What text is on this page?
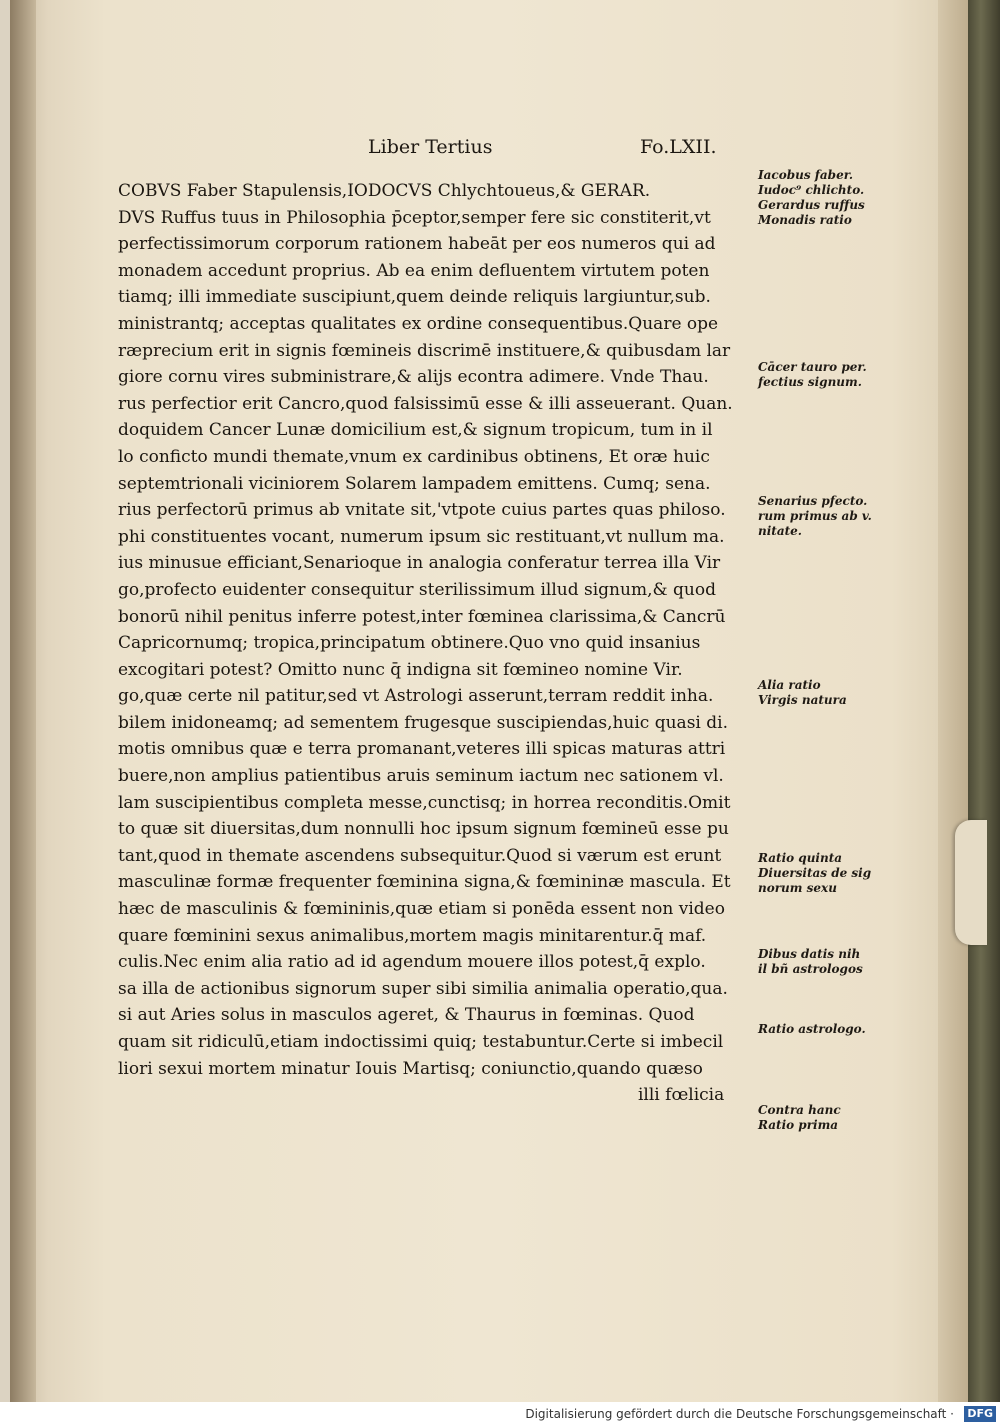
Liber Tertius	Fo.LXII.
COBVS Faber Stapulensis,IODOCVS Chlychtoueus,& GERAR.
DVS Ruffus tuus in Philosophia p̄ceptor,semper fere sic constiterit,vt
perfectissimorum corporum rationem habeāt per eos numeros qui ad
monadem accedunt proprius. Ab ea enim defluentem virtutem poten
tiamq; illi immediate suscipiunt,quem deinde reliquis largiuntur,sub.
ministrantq; acceptas qualitates ex ordine consequentibus.Quare ope
ræprecium erit in signis fœmineis discrimē instituere,& quibusdam lar
giore cornu vires subministrare,& alijs econtra adimere. Vnde Thau.
rus perfectior erit Cancro,quod falsissimū esse & illi asseuerant. Quan.
doquidem Cancer Lunæ domicilium est,& signum tropicum, tum in il
lo conficto mundi themate,vnum ex cardinibus obtinens, Et oræ huic
septemtrionali viciniorem Solarem lampadem emittens. Cumq; sena.
rius perfectorū primus ab vnitate sit,'vtpote cuius partes quas philoso.
phi constituentes vocant, numerum ipsum sic restituant,vt nullum ma.
ius minusue efficiant,Senarioque in analogia conferatur terrea illa Vir
go,profecto euidenter consequitur sterilissimum illud signum,& quod
bonorū nihil penitus inferre potest,inter fœminea clarissima,& Cancrū
Capricornumq; tropica,principatum obtinere.Quo vno quid insanius
excogitari potest? Omitto nunc q̄ indigna sit fœmineo nomine Vir.
go,quæ certe nil patitur,sed vt Astrologi asserunt,terram reddit inha.
bilem inidoneamq; ad sementem frugesque suscipiendas,huic quasi di.
motis omnibus quæ e terra promanant,veteres illi spicas maturas attri
buere,non amplius patientibus aruis seminum iactum nec sationem vl.
lam suscipientibus completa messe,cunctisq; in horrea reconditis.Omit
to quæ sit diuersitas,dum nonnulli hoc ipsum signum fœmineū esse pu
tant,quod in themate ascendens subsequitur.Quod si værum est erunt
masculinæ formæ frequenter fœminina signa,& fœmininæ mascula. Et
hæc de masculinis & fœmininis,quæ etiam si ponēda essent non video
quare fœminini sexus animalibus,mortem magis minitarentur.q̄ maf.
culis.Nec enim alia ratio ad id agendum mouere illos potest,q̄ explo.
sa illa de actionibus signorum super sibi similia animalia operatio,qua.
si aut Aries solus in masculos ageret, & Thaurus in fœminas. Quod
quam sit ridiculū,etiam indoctissimi quiq; testabuntur.Certe si imbecil
liori sexui mortem minatur Iouis Martisq; coniunctio,quando quæso
illi fœlicia
Iacobus faber.
Iudoc⁹ chlichto.
Gerardus ruffus
Monadis ratio
Cācer tauro per.
fectius signum.
Senarius pfecto.
rum primus ab v.
nitate.
Alia ratio
Virgis natura
Ratio quinta
Diuersitas de sig
norum sexu
Dibus datis nih
il bñ astrologos
Ratio astrologo.
Contra hanc
Ratio prima
Digitalisierung gefördert durch die Deutsche Forschungsgemeinschaft · DFG
